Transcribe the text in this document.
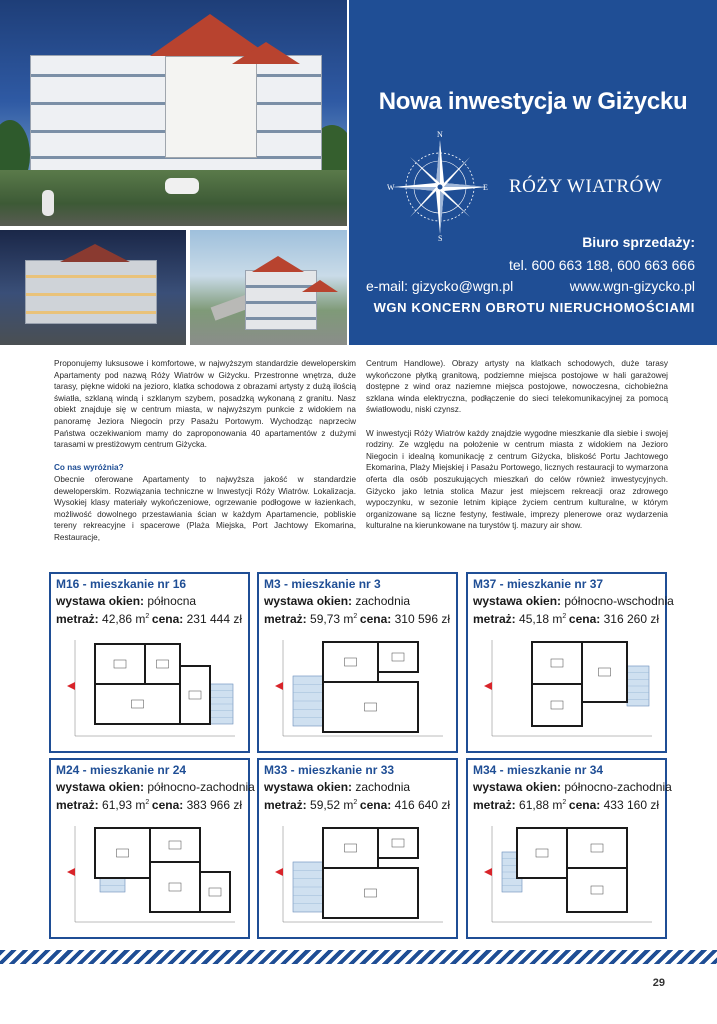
Nowa inwestycja w Giżycku
N
S
E
W	RÓŻY WIATRÓW
Biuro sprzedaży:
tel. 600 663 188, 600 663 666
e-mail: gizycko@wgn.pl	www.wgn-gizycko.pl
WGN KONCERN OBROTU NIERUCHOMOŚCIAMI

Proponujemy luksusowe i komfortowe, w najwyższym standardzie deweloperskim Apartamenty pod nazwą Róży Wiatrów w Giżycku. Przestronne wnętrza, duże tarasy, piękne widoki na jezioro, klatka schodowa z obrazami artysty z dużą ilością światła, szklaną windą i szklanym szybem, posadzką wykonaną z granitu. Nasz obiekt znajduje się w centrum miasta, w najwyższym punkcie z widokiem na panoramę Jeziora Niegocin przy Pasażu Portowym. Wychodząc naprzeciw Państwa oczekiwaniom mamy do zaproponowania 40 apartamentów z dużymi tarasami w prestiżowym centrum Giżycka.

Co nas wyróżnia?

Obecnie oferowane Apartamenty to najwyższa jakość w standardzie deweloperskim. Rozwiązania techniczne w Inwestycji Róży Wiatrów. Lokalizacja. Wysokiej klasy materiały wykończeniowe, ogrzewanie podłogowe w łazienkach, możliwość dowolnego przestawiania ścian w każdym Apartamencie, pobliskie tereny rekreacyjne i spacerowe (Plaża Miejska, Port Jachtowy Ekomarina, Restauracje,

Centrum Handlowe). Obrazy artysty na klatkach schodowych, duże tarasy wykończone płytką granitową, podziemne miejsca postojowe w hali garażowej dostępne z wind oraz naziemne miejsca postojowe, nowoczesna, cichobieżna szklana winda elektryczna, podłączenie do sieci telekomunikacyjnej za pomocą światłowodu, niski czynsz.

W inwestycji Róży Wiatrów każdy znajdzie wygodne mieszkanie dla siebie i swojej rodziny. Ze względu na położenie w centrum miasta z widokiem na Jezioro Niegocin i idealną komunikację z centrum Giżycka, bliskość Portu Jachtowego Ekomarina, Plaży Miejskiej i Pasażu Portowego, licznych restauracji to wymarzona oferta dla osób poszukujących mieszkań do celów również inwestycyjnych. Giżycko jako letnia stolica Mazur jest miejscem rekreacji oraz zdrowego wypoczynku, w sezonie letnim kipiące życiem centrum kulturalne, w którym organizowane są liczne festyny, festiwale, imprezy plenerowe oraz wydarzenia kulturalne na kierunkowane na turystów tj. mazury air show.

M16 - mieszkanie nr 16
wystawa okien: północna
metraż: 42,86 $m^2$ cena: 231 444 zł
M3 - mieszkanie nr 3
wystawa okien: zachodnia
metraż: 59,73 $m^2$ cena: 310 596 zł
M37 - mieszkanie nr 37
wystawa okien: północno-wschodnia
metraż: 45,18 $m^2$ cena: 316 260 zł
M24 - mieszkanie nr 24
wystawa okien: północno-zachodnia
metraż: 61,93 $m^2$ cena: 383 966 zł
M33 - mieszkanie nr 33
wystawa okien: zachodnia
metraż: 59,52 $m^2$ cena: 416 640 zł
M34 - mieszkanie nr 34
wystawa okien: północno-zachodnia
metraż: 61,88 $m^2$ cena: 433 160 zł
29
